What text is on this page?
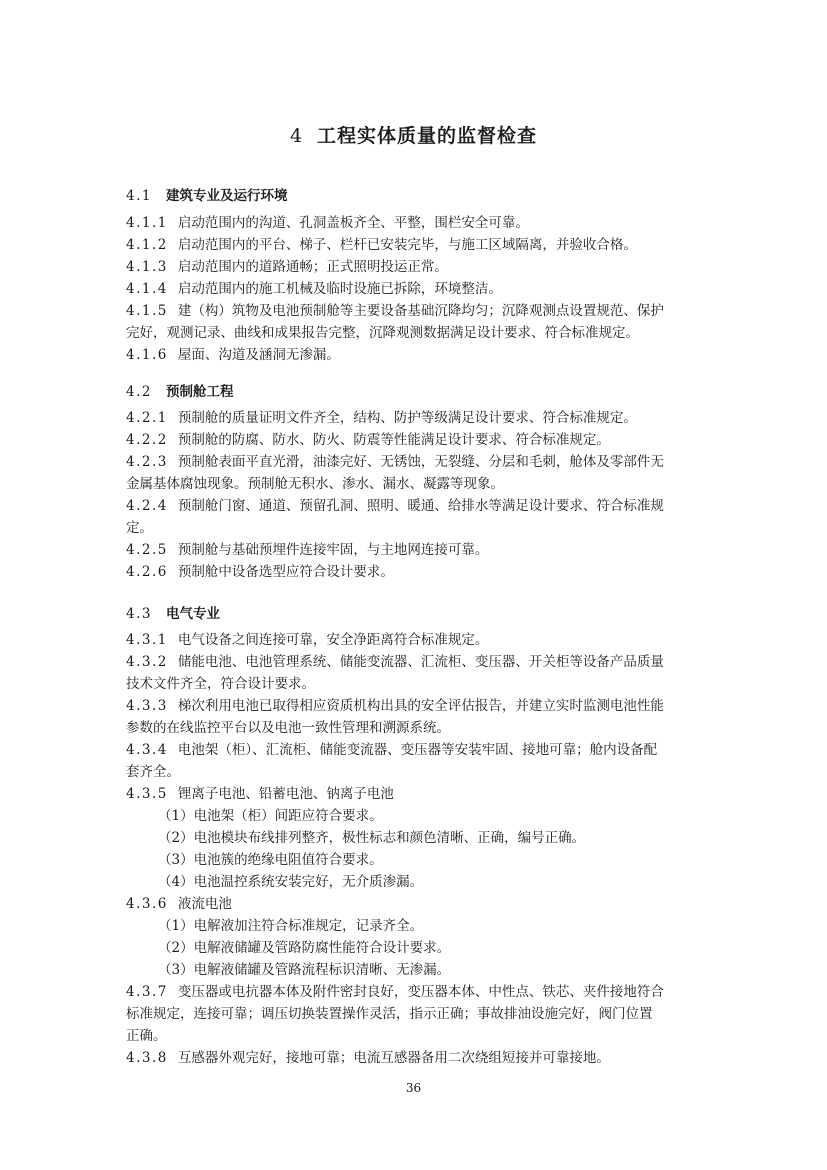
4 工程实体质量的监督检查
4.1 建筑专业及运行环境
4.2 预制舱工程
4.3 电气专业
4.1.1 启动范围内的沟道、孔洞盖板齐全、平整，围栏安全可靠。
4.1.2 启动范围内的平台、梯子、栏杆已安装完毕，与施工区域隔离，并验收合格。
4.1.3 启动范围内的道路通畅；正式照明投运正常。
4.1.4 启动范围内的施工机械及临时设施已拆除，环境整洁。
4.1.5 建（构）筑物及电池预制舱等主要设备基础沉降均匀；沉降观测点设置规范、保护
完好，观测记录、曲线和成果报告完整，沉降观测数据满足设计要求、符合标准规定。
4.1.6 屋面、沟道及涵洞无渗漏。
4.2.1 预制舱的质量证明文件齐全，结构、防护等级满足设计要求、符合标准规定。
4.2.2 预制舱的防腐、防水、防火、防震等性能满足设计要求、符合标准规定。
4.2.3 预制舱表面平直光滑，油漆完好、无锈蚀，无裂缝、分层和毛刺，舱体及零部件无
金属基体腐蚀现象。预制舱无积水、渗水、漏水、凝露等现象。
4.2.4 预制舱门窗、通道、预留孔洞、照明、暖通、给排水等满足设计要求、符合标准规
定。
4.2.5 预制舱与基础预埋件连接牢固，与主地网连接可靠。
4.2.6 预制舱中设备选型应符合设计要求。
4.3.1 电气设备之间连接可靠，安全净距离符合标准规定。
4.3.2 储能电池、电池管理系统、储能变流器、汇流柜、变压器、开关柜等设备产品质量
技术文件齐全，符合设计要求。
4.3.3 梯次利用电池已取得相应资质机构出具的安全评估报告，并建立实时监测电池性能
参数的在线监控平台以及电池一致性管理和溯源系统。
4.3.4 电池架（柜）、汇流柜、储能变流器、变压器等安装牢固、接地可靠；舱内设备配
套齐全。
4.3.5 锂离子电池、铅蓄电池、钠离子电池
（1）电池架（柜）间距应符合要求。
（2）电池模块布线排列整齐，极性标志和颜色清晰、正确，编号正确。
（3）电池簇的绝缘电阻值符合要求。
（4）电池温控系统安装完好，无介质渗漏。
4.3.6 液流电池
（1）电解液加注符合标准规定，记录齐全。
（2）电解液储罐及管路防腐性能符合设计要求。
（3）电解液储罐及管路流程标识清晰、无渗漏。
4.3.7 变压器或电抗器本体及附件密封良好，变压器本体、中性点、铁芯、夹件接地符合
标准规定，连接可靠；调压切换装置操作灵活，指示正确；事故排油设施完好，阀门位置
正确。
4.3.8 互感器外观完好，接地可靠；电流互感器备用二次绕组短接并可靠接地。
36
